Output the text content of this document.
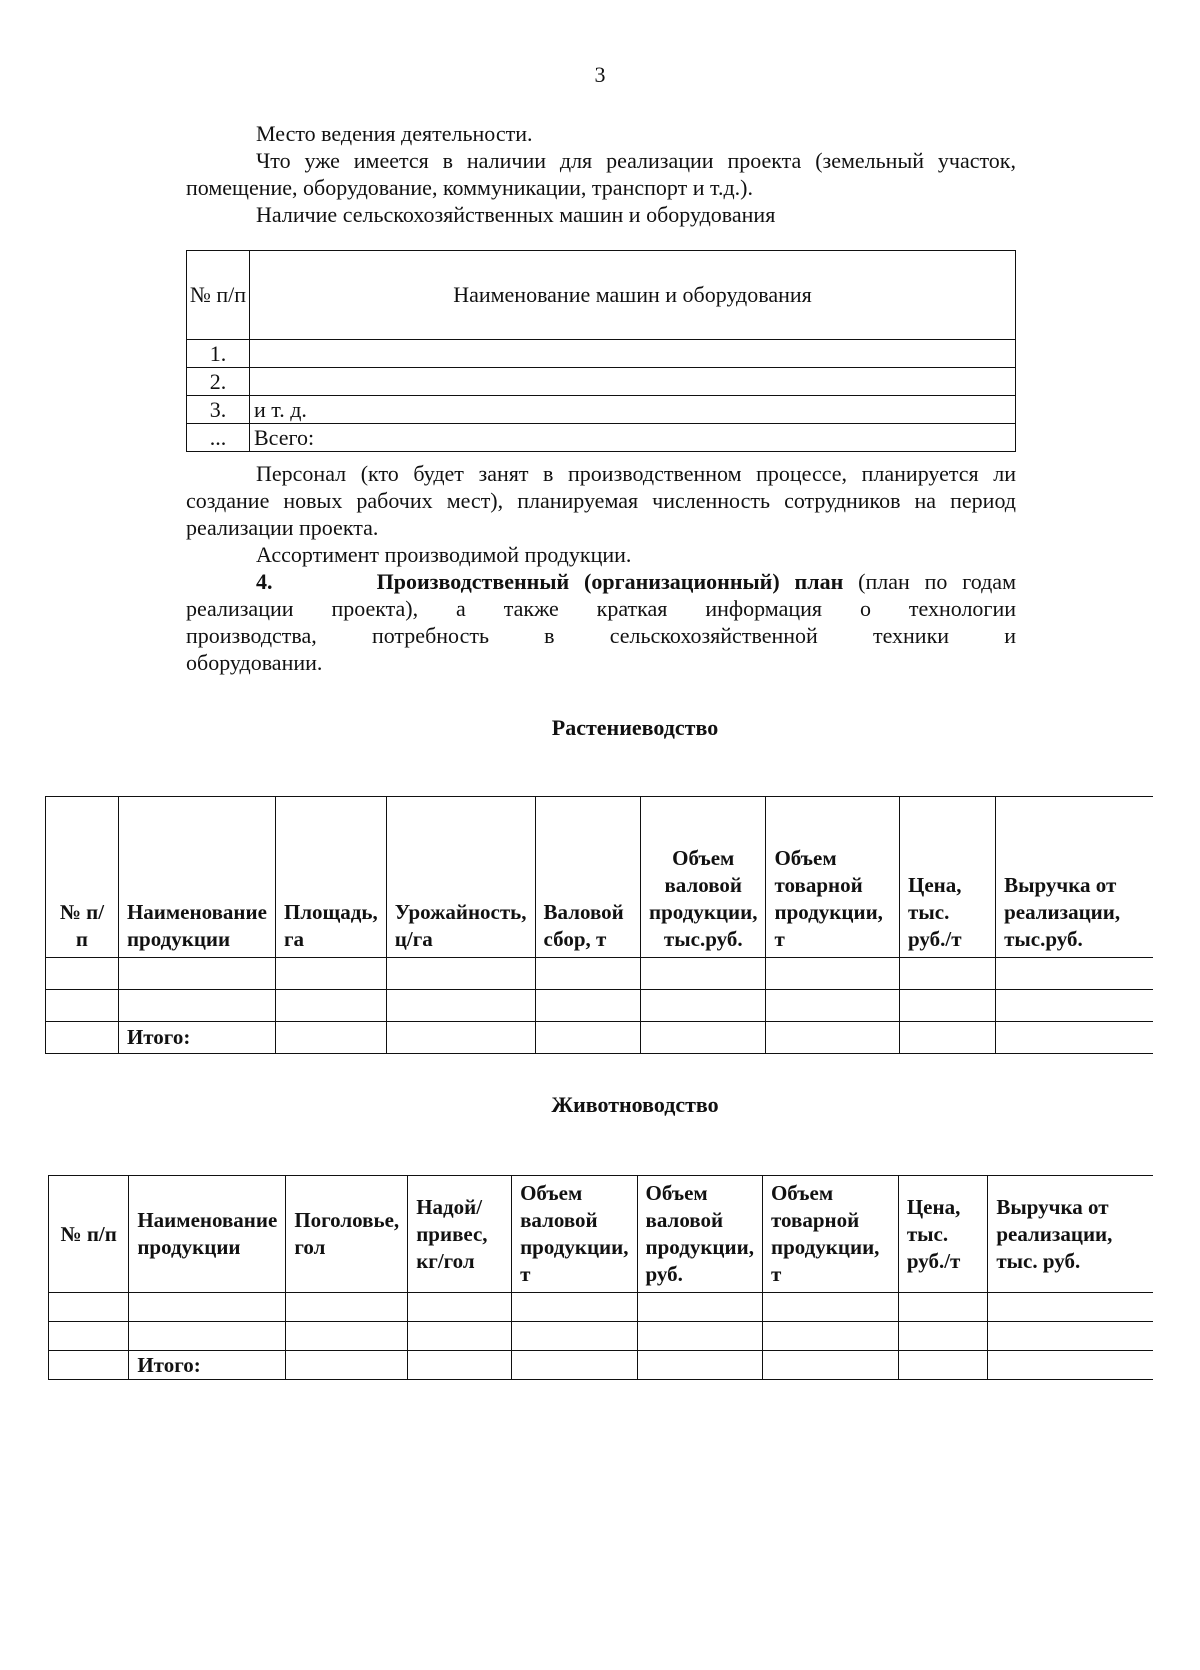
3

Место ведения деятельности.

Что уже имеется в наличии для реализации проекта (земельный участок, помещение, оборудование, коммуникации, транспорт и т.д.).

Наличие сельскохозяйственных машин и оборудования

№ п/п	Наименование машин и оборудования
1.	
2.	
3.	и т. д.
...	Всего:

Персонал (кто будет занят в производственном процессе, планируется ли создание новых рабочих мест), планируемая численность сотрудников на период реализации проекта.

Ассортимент производимой продукции.

4.	Производственный (организационный) план (план по годам

реализации проекта), а также краткая информация о технологии

производства, потребность в сельскохозяйственной техники и

оборудовании.

Растениеводство
№ п/п	Наименование продукции	Площадь, га	Урожайность, ц/га	Валовой сбор, т	Объем валовой продукции, тыс.руб.	Объем товарной продукции, т	Цена, тыс. руб./т	Выручка от реализации, тыс.руб.

	Итого:							
Животноводство
№ п/п	Наименование продукции	Поголовье, гол	Надой/ привес, кг/гол	Объем валовой продукции, т	Объем валовой продукции, руб.	Объем товарной продукции, т	Цена, тыс. руб./т	Выручка от реализации, тыс. руб.

	Итого:							
